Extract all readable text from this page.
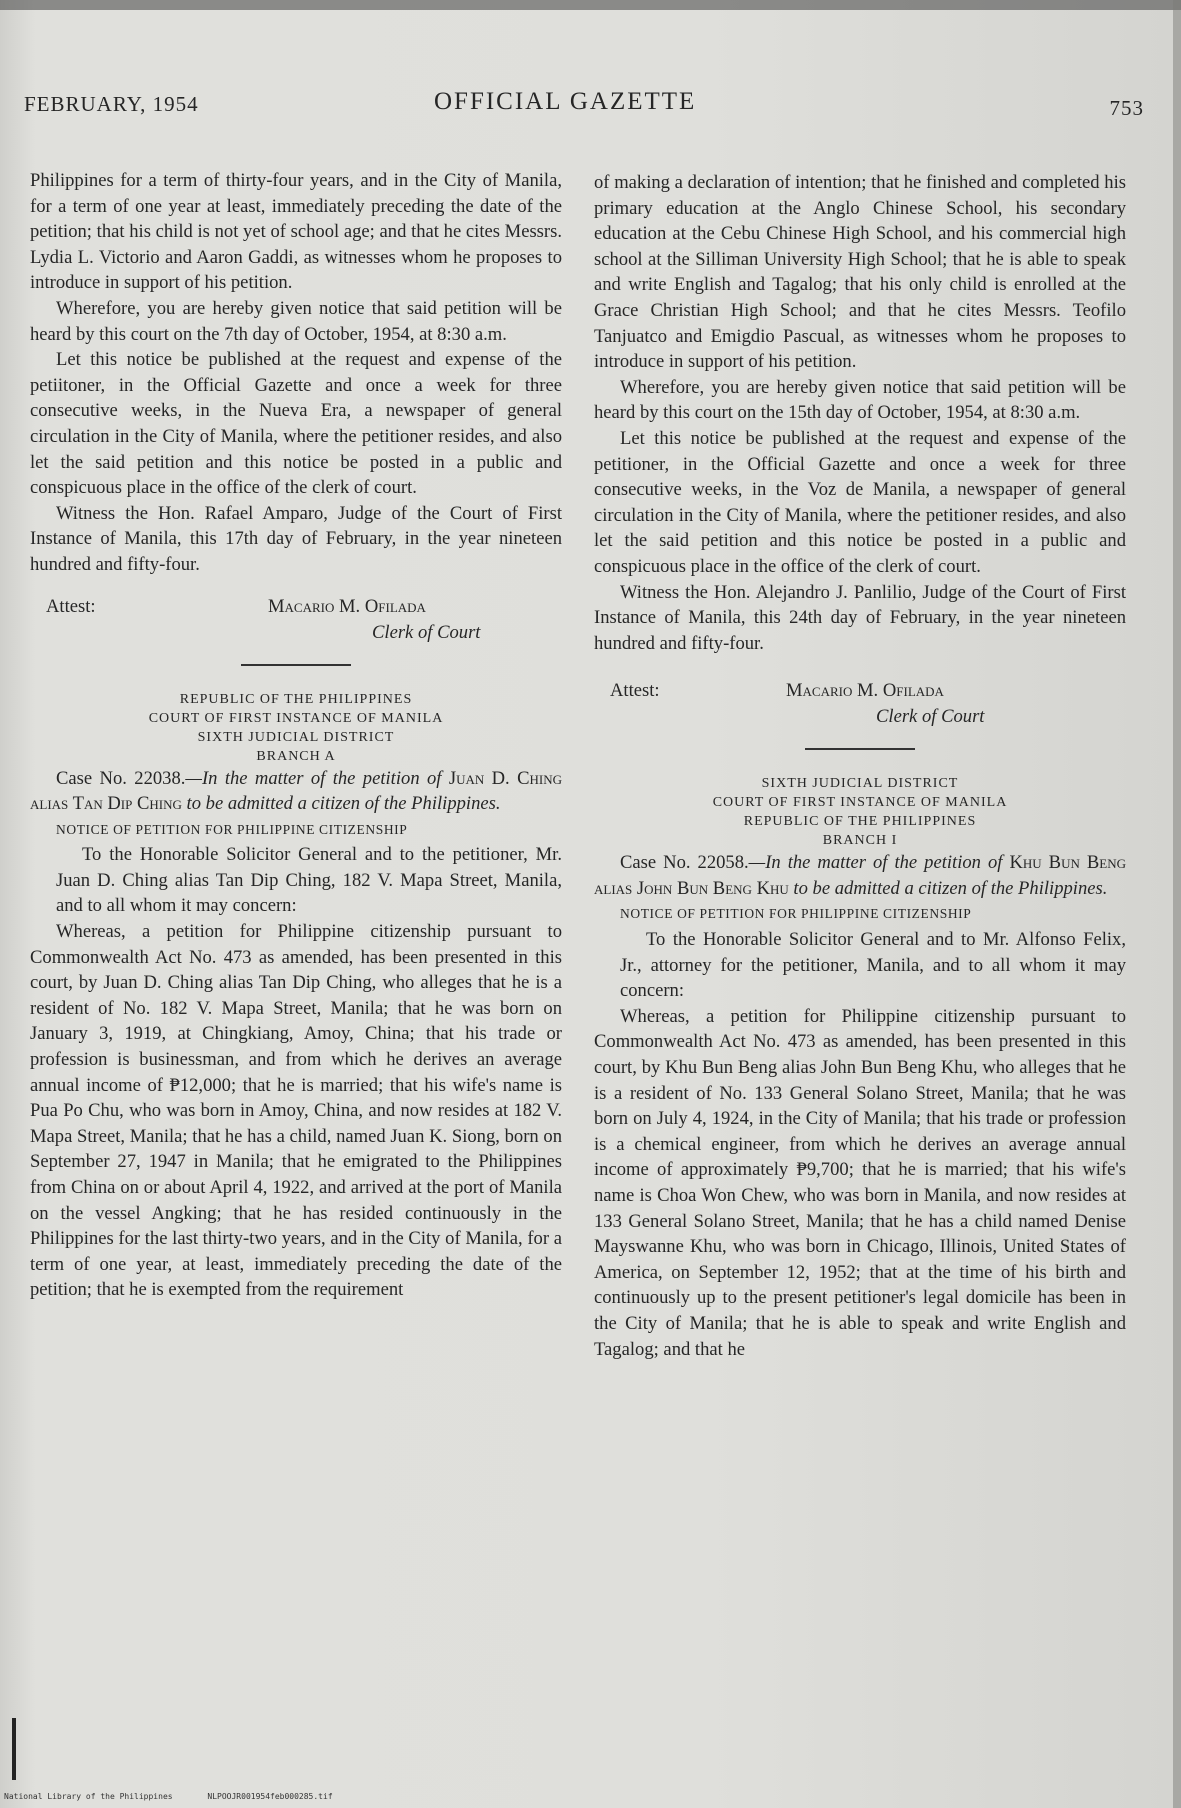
FEBRUARY, 1954	OFFICIAL GAZETTE	753

Philippines for a term of thirty-four years, and in the City of Manila, for a term of one year at least, immediately preceding the date of the petition; that his child is not yet of school age; and that he cites Messrs. Lydia L. Victorio and Aaron Gaddi, as witnesses whom he proposes to introduce in support of his petition.

Wherefore, you are hereby given notice that said petition will be heard by this court on the 7th day of October, 1954, at 8:30 a.m.

Let this notice be published at the request and expense of the petiitoner, in the Official Gazette and once a week for three consecutive weeks, in the Nueva Era, a newspaper of general circulation in the City of Manila, where the petitioner resides, and also let the said petition and this notice be posted in a public and conspicuous place in the office of the clerk of court.

Witness the Hon. Rafael Amparo, Judge of the Court of First Instance of Manila, this 17th day of February, in the year nineteen hundred and fifty-four.

Attest:	Macario M. Ofilada
Clerk of Court
REPUBLIC OF THE PHILIPPINES
COURT OF FIRST INSTANCE OF MANILA
SIXTH JUDICIAL DISTRICT
BRANCH A

Case No. 22038.—In the matter of the petition of Juan D. Ching alias Tan Dip Ching to be admitted a citizen of the Philippines.

NOTICE OF PETITION FOR PHILIPPINE CITIZENSHIP

To the Honorable Solicitor General and to the petitioner, Mr. Juan D. Ching alias Tan Dip Ching, 182 V. Mapa Street, Manila, and to all whom it may concern:

Whereas, a petition for Philippine citizenship pursuant to Commonwealth Act No. 473 as amended, has been presented in this court, by Juan D. Ching alias Tan Dip Ching, who alleges that he is a resident of No. 182 V. Mapa Street, Manila; that he was born on January 3, 1919, at Chingkiang, Amoy, China; that his trade or profession is businessman, and from which he derives an average annual income of ₱12,000; that he is married; that his wife's name is Pua Po Chu, who was born in Amoy, China, and now resides at 182 V. Mapa Street, Manila; that he has a child, named Juan K. Siong, born on September 27, 1947 in Manila; that he emigrated to the Philippines from China on or about April 4, 1922, and arrived at the port of Manila on the vessel Angking; that he has resided continuously in the Philippines for the last thirty-two years, and in the City of Manila, for a term of one year, at least, immediately preceding the date of the petition; that he is exempted from the requirement

of making a declaration of intention; that he finished and completed his primary education at the Anglo Chinese School, his secondary education at the Cebu Chinese High School, and his commercial high school at the Silliman University High School; that he is able to speak and write English and Tagalog; that his only child is enrolled at the Grace Christian High School; and that he cites Messrs. Teofilo Tanjuatco and Emigdio Pascual, as witnesses whom he proposes to introduce in support of his petition.

Wherefore, you are hereby given notice that said petition will be heard by this court on the 15th day of October, 1954, at 8:30 a.m.

Let this notice be published at the request and expense of the petitioner, in the Official Gazette and once a week for three consecutive weeks, in the Voz de Manila, a newspaper of general circulation in the City of Manila, where the petitioner resides, and also let the said petition and this notice be posted in a public and conspicuous place in the office of the clerk of court.

Witness the Hon. Alejandro J. Panlilio, Judge of the Court of First Instance of Manila, this 24th day of February, in the year nineteen hundred and fifty-four.

Attest:	Macario M. Ofilada
Clerk of Court
SIXTH JUDICIAL DISTRICT
COURT OF FIRST INSTANCE OF MANILA
REPUBLIC OF THE PHILIPPINES
BRANCH I

Case No. 22058.—In the matter of the petition of Khu Bun Beng alias John Bun Beng Khu to be admitted a citizen of the Philippines.

NOTICE OF PETITION FOR PHILIPPINE CITIZENSHIP

To the Honorable Solicitor General and to Mr. Alfonso Felix, Jr., attorney for the petitioner, Manila, and to all whom it may concern:

Whereas, a petition for Philippine citizenship pursuant to Commonwealth Act No. 473 as amended, has been presented in this court, by Khu Bun Beng alias John Bun Beng Khu, who alleges that he is a resident of No. 133 General Solano Street, Manila; that he was born on July 4, 1924, in the City of Manila; that his trade or profession is a chemical engineer, from which he derives an average annual income of approximately ₱9,700; that he is married; that his wife's name is Choa Won Chew, who was born in Manila, and now resides at 133 General Solano Street, Manila; that he has a child named Denise Mayswanne Khu, who was born in Chicago, Illinois, United States of America, on September 12, 1952; that at the time of his birth and continuously up to the present petitioner's legal domicile has been in the City of Manila; that he is able to speak and write English and Tagalog; and that he

National Library of the Philippines	NLPOOJR001954feb000285.tif
